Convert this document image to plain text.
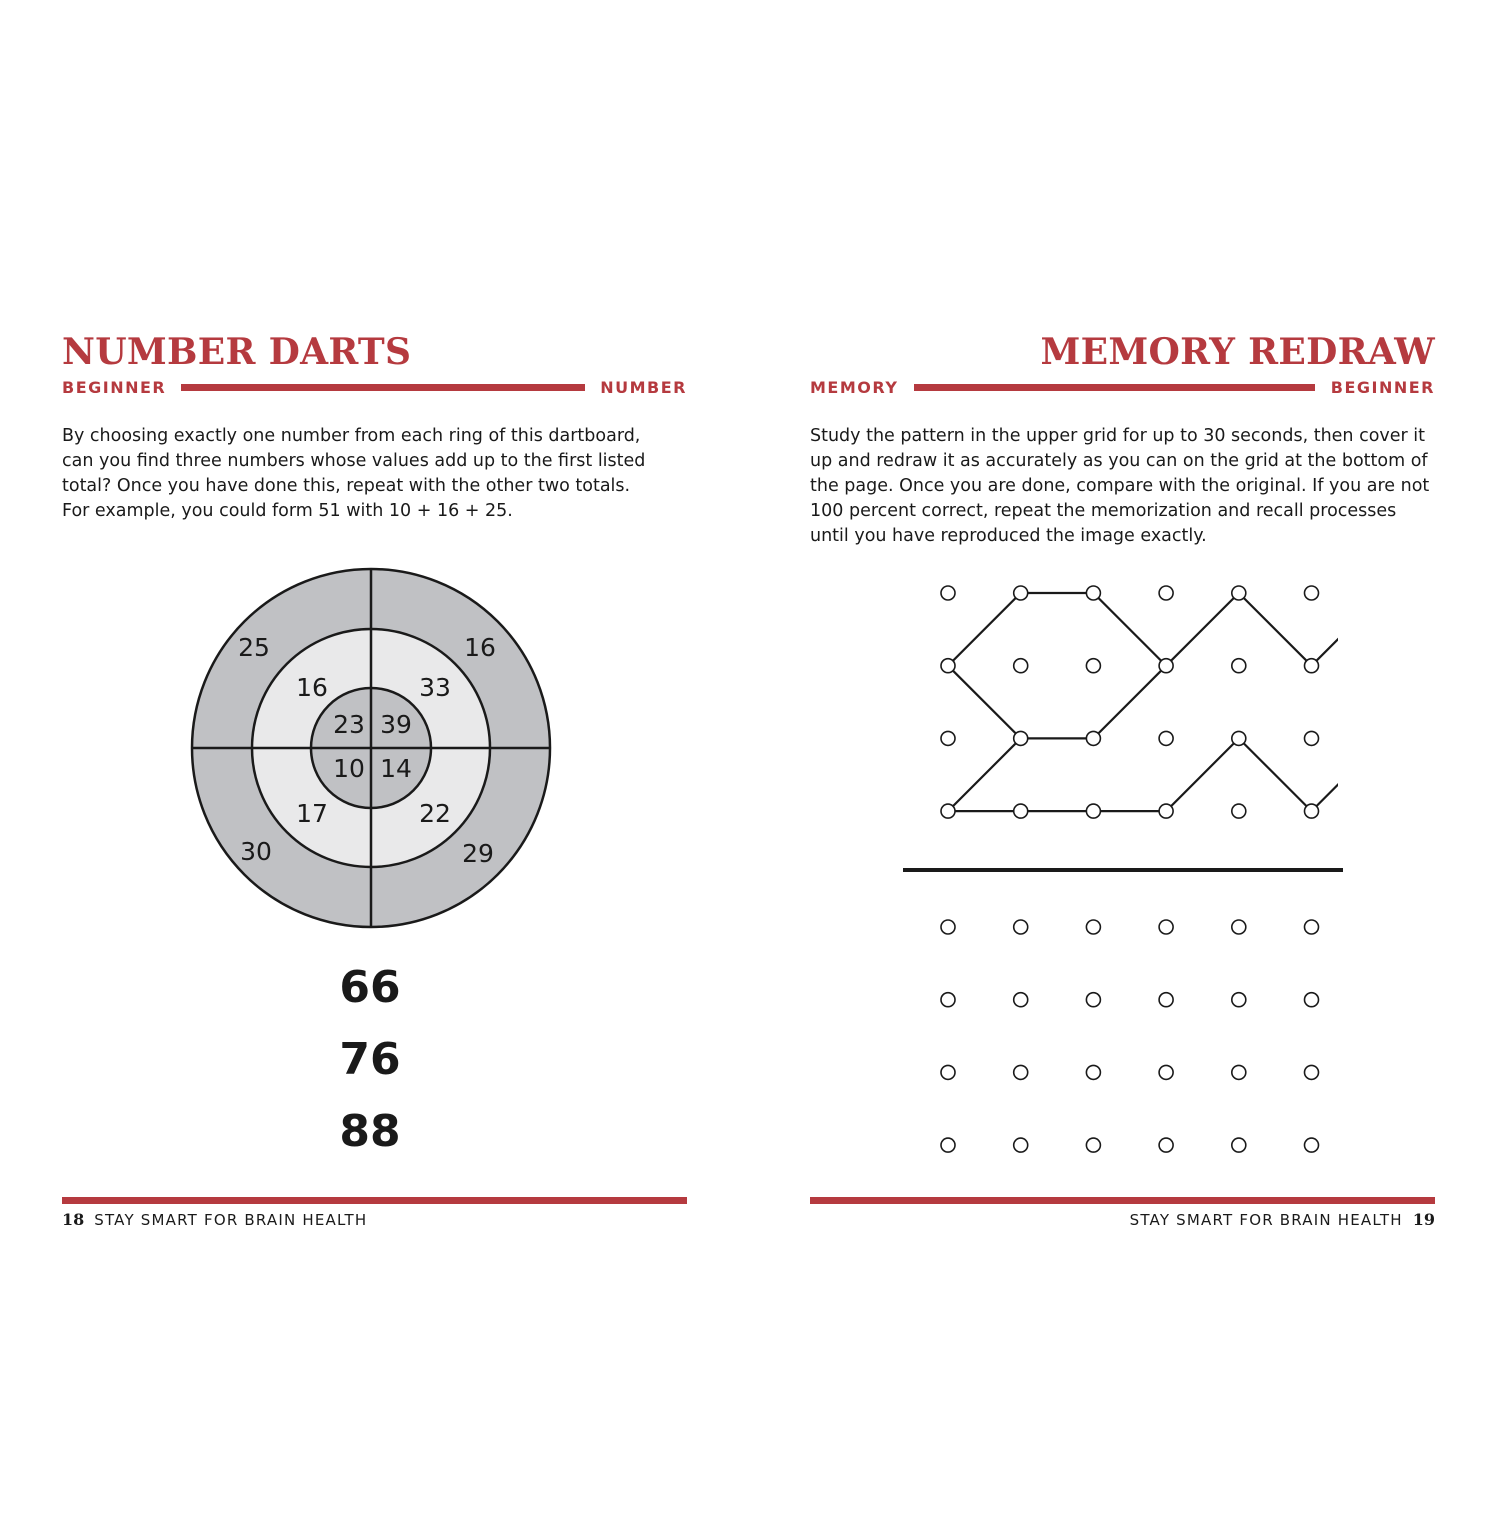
NUMBER DARTS
BEGINNER	NUMBER

By choosing exactly one number from each ring of this dartboard, can you find three numbers whose values add up to the first listed total? Once you have done this, repeat with the other two totals. For example, you could form 51 with 10 + 16 + 25.

25	16
30	29
16	33
17	22
23 39
10 14
66
76
88
18 STAY SMART FOR BRAIN HEALTH
MEMORY REDRAW
MEMORY	BEGINNER

Study the pattern in the upper grid for up to 30 seconds, then cover it up and redraw it as accurately as you can on the grid at the bottom of the page. Once you are done, compare with the original. If you are not 100 percent correct, repeat the memorization and recall processes until you have reproduced the image exactly.

STAY SMART FOR BRAIN HEALTH 19
